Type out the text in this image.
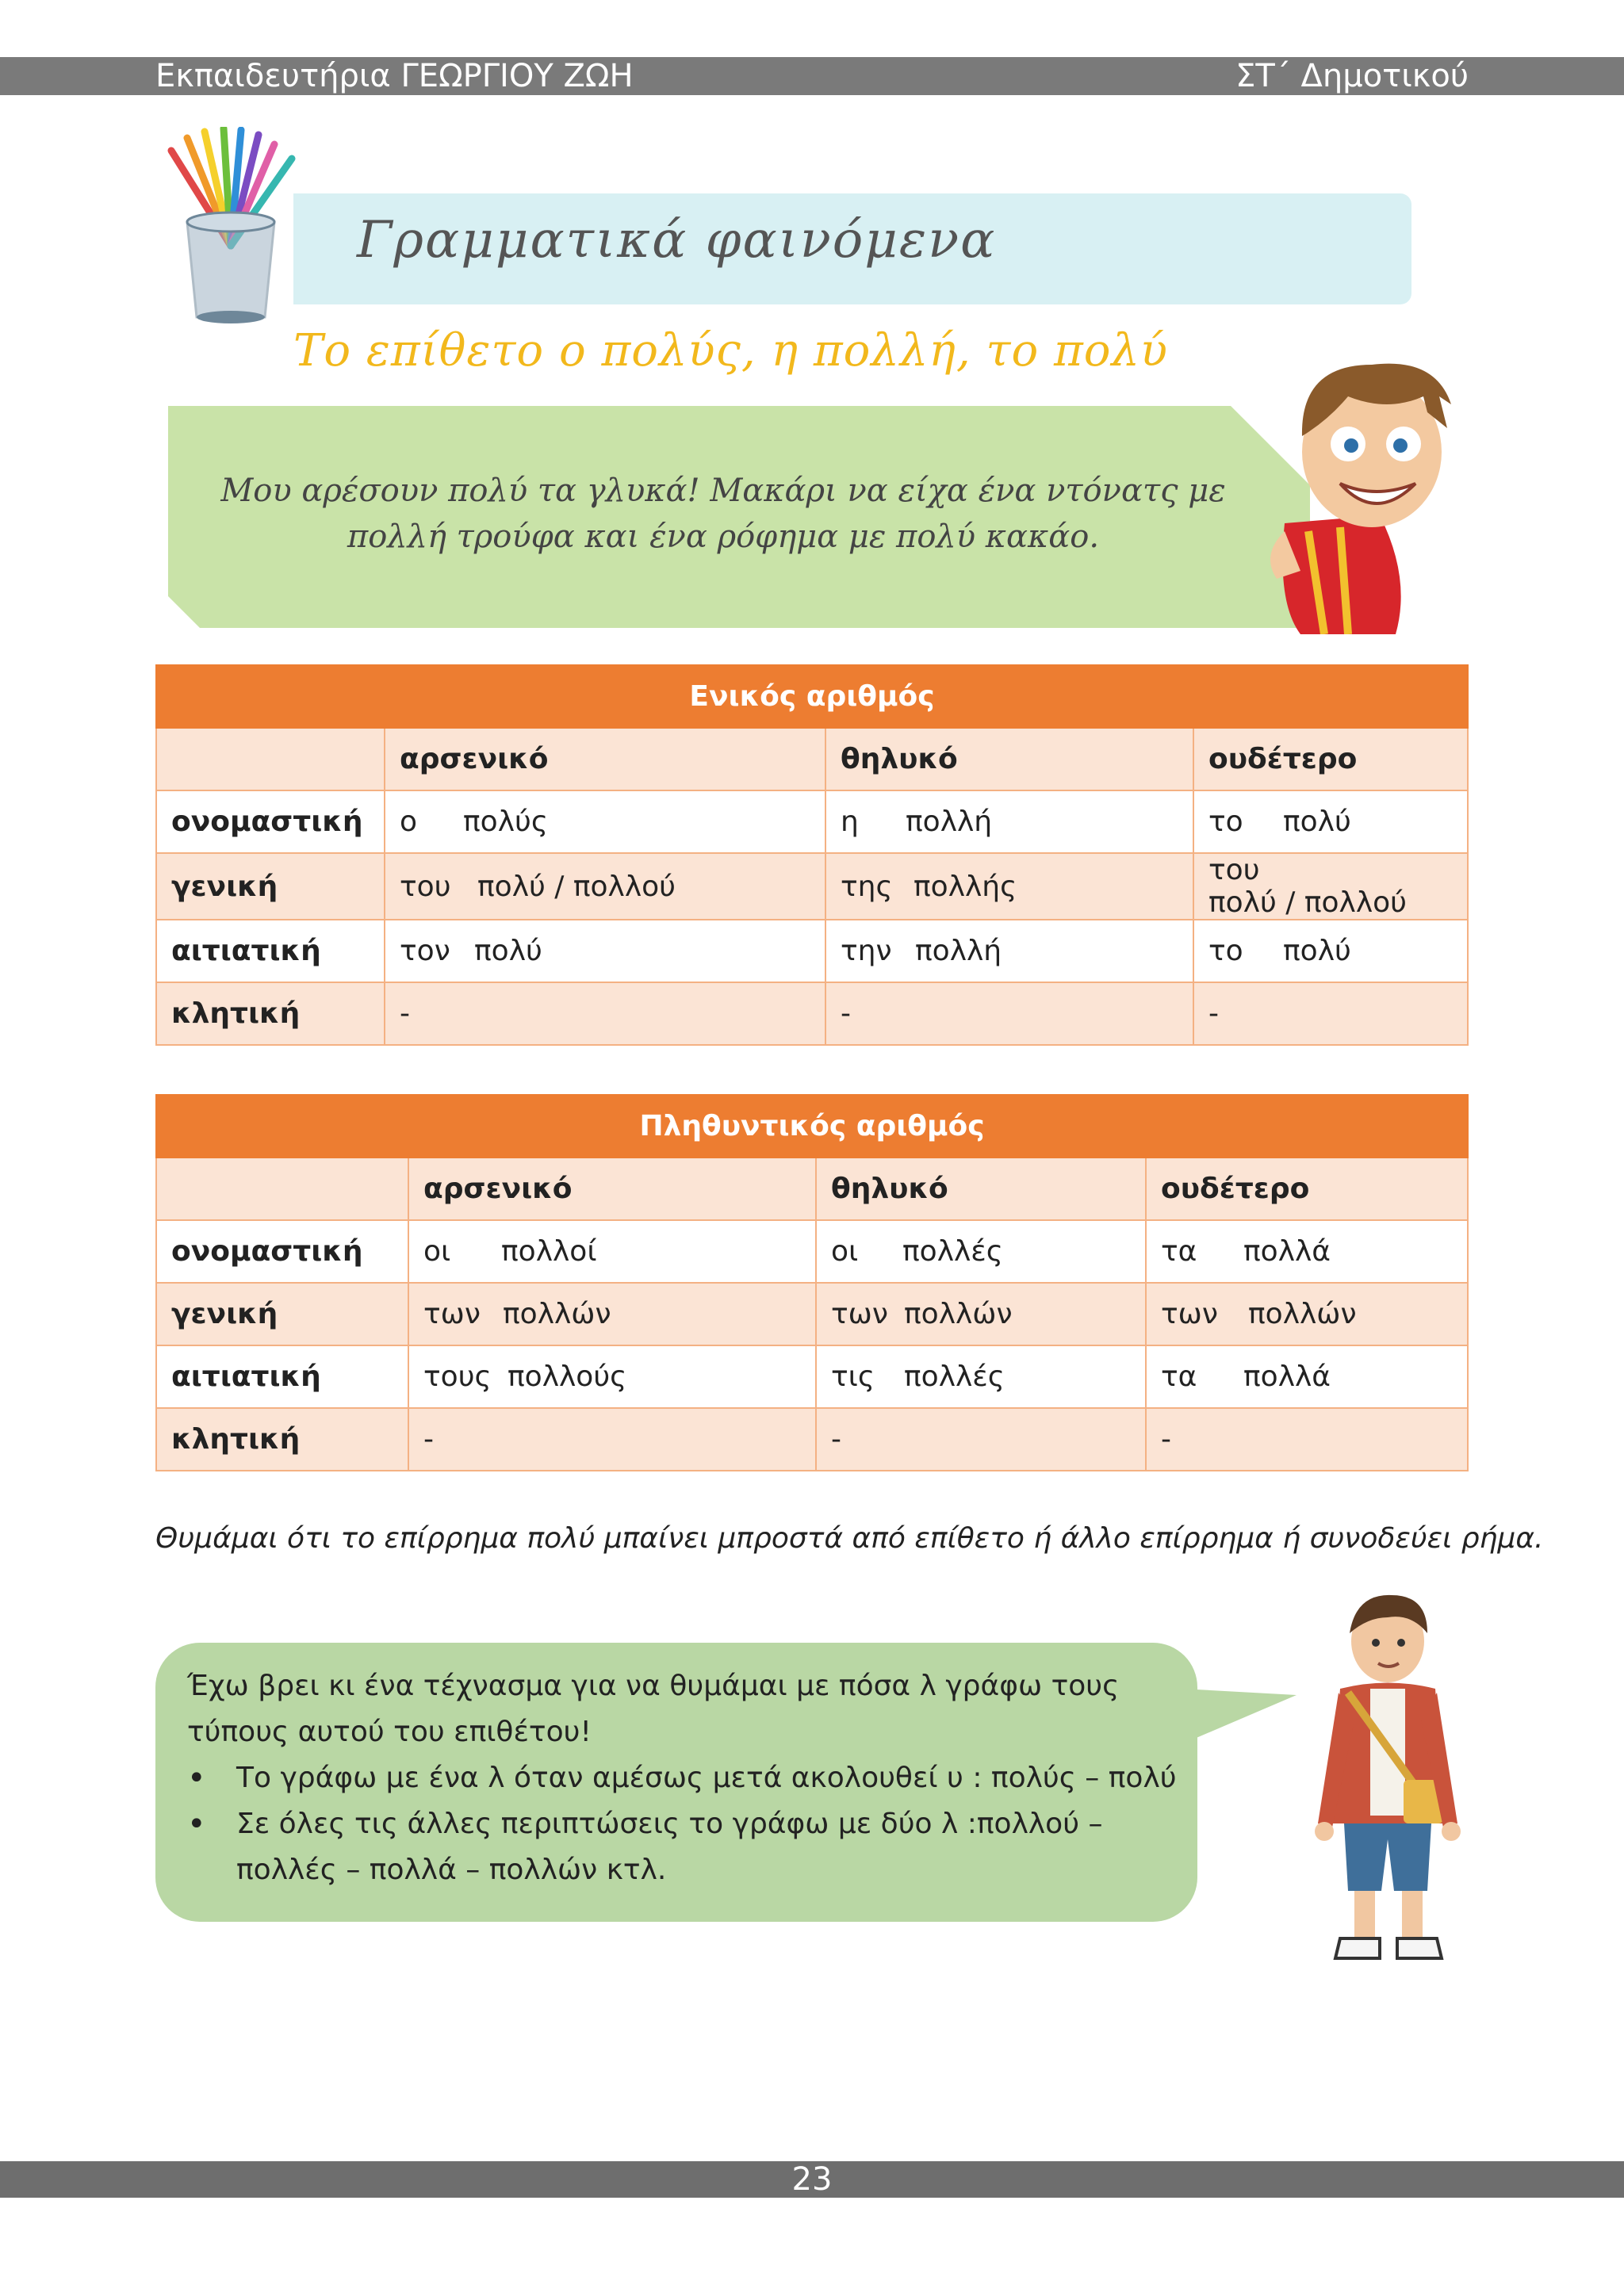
Εκπαιδευτήρια ΓΕΩΡΓΙΟΥ ΖΩΗ	ΣΤ΄ Δημοτικού
Γραμματικά φαινόμενα
Το επίθετο ο πολύς, η πολλή, το πολύ
Μου αρέσουν πολύ τα γλυκά! Μακάρι να είχα ένα ντόνατς με
πολλή τρούφα και ένα ρόφημα με πολύ κακάο.
Ενικός αριθμός			
	αρσενικό	θηλυκό	ουδέτερο
ονομαστική	ο πολύς	η πολλή	το πολύ
γενική	του πολύ / πολλού	της πολλής	τουπολύ / πολλού
αιτιατική	τον πολύ	την πολλή	το πολύ
κλητική	-	-	-
Πληθυντικός αριθμός			
	αρσενικό	θηλυκό	ουδέτερο
ονομαστική	οι πολλοί	οι πολλές	τα πολλά
γενική	των πολλών	των πολλών	των πολλών
αιτιατική	τους πολλούς	τις πολλές	τα πολλά
κλητική	-	-	-
Θυμάμαι ότι το επίρρημα πολύ μπαίνει μπροστά από επίθετο ή άλλο επίρρημα ή συνοδεύει ρήμα.

Έχω βρει κι ένα τέχνασμα για να θυμάμαι με πόσα λ γράφω τους τύπους αυτού του επιθέτου!

• Το γράφω με ένα λ όταν αμέσως μετά ακολουθεί υ : πολύς – πολύ
• Σε όλες τις άλλες περιπτώσεις το γράφω με δύο λ :πολλού – πολλές – πολλά – πολλών κτλ.
23
